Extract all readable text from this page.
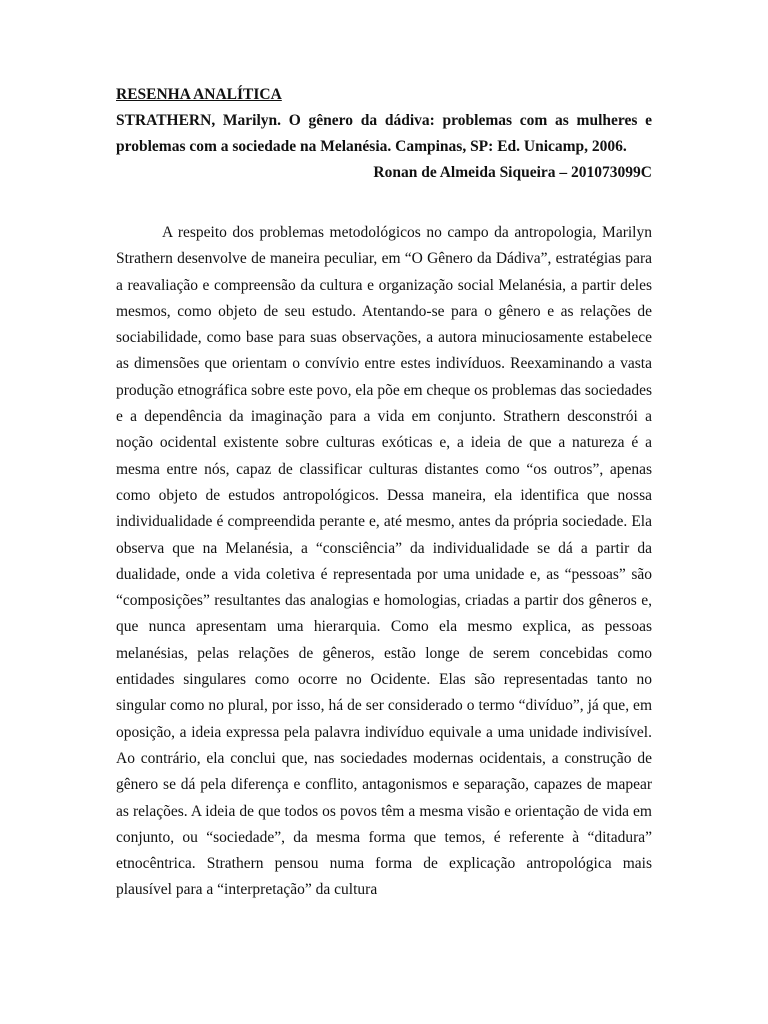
RESENHA ANALÍTICA

STRATHERN, Marilyn. O gênero da dádiva: problemas com as mulheres e problemas com a sociedade na Melanésia. Campinas, SP: Ed. Unicamp, 2006.

Ronan de Almeida Siqueira – 201073099C

A respeito dos problemas metodológicos no campo da antropologia, Marilyn Strathern desenvolve de maneira peculiar, em “O Gênero da Dádiva”, estratégias para a reavaliação e compreensão da cultura e organização social Melanésia, a partir deles mesmos, como objeto de seu estudo. Atentando-se para o gênero e as relações de sociabilidade, como base para suas observações, a autora minuciosamente estabelece as dimensões que orientam o convívio entre estes indivíduos. Reexaminando a vasta produção etnográfica sobre este povo, ela põe em cheque os problemas das sociedades e a dependência da imaginação para a vida em conjunto. Strathern desconstrói a noção ocidental existente sobre culturas exóticas e, a ideia de que a natureza é a mesma entre nós, capaz de classificar culturas distantes como “os outros”, apenas como objeto de estudos antropológicos. Dessa maneira, ela identifica que nossa individualidade é compreendida perante e, até mesmo, antes da própria sociedade. Ela observa que na Melanésia, a “consciência” da individualidade se dá a partir da dualidade, onde a vida coletiva é representada por uma unidade e, as “pessoas” são “composições” resultantes das analogias e homologias, criadas a partir dos gêneros e, que nunca apresentam uma hierarquia. Como ela mesmo explica, as pessoas melanésias, pelas relações de gêneros, estão longe de serem concebidas como entidades singulares como ocorre no Ocidente. Elas são representadas tanto no singular como no plural, por isso, há de ser considerado o termo “divíduo”, já que, em oposição, a ideia expressa pela palavra indivíduo equivale a uma unidade indivisível. Ao contrário, ela conclui que, nas sociedades modernas ocidentais, a construção de gênero se dá pela diferença e conflito, antagonismos e separação, capazes de mapear as relações. A ideia de que todos os povos têm a mesma visão e orientação de vida em conjunto, ou “sociedade”, da mesma forma que temos, é referente à “ditadura” etnocêntrica. Strathern pensou numa forma de explicação antropológica mais plausível para a “interpretação” da cultura
